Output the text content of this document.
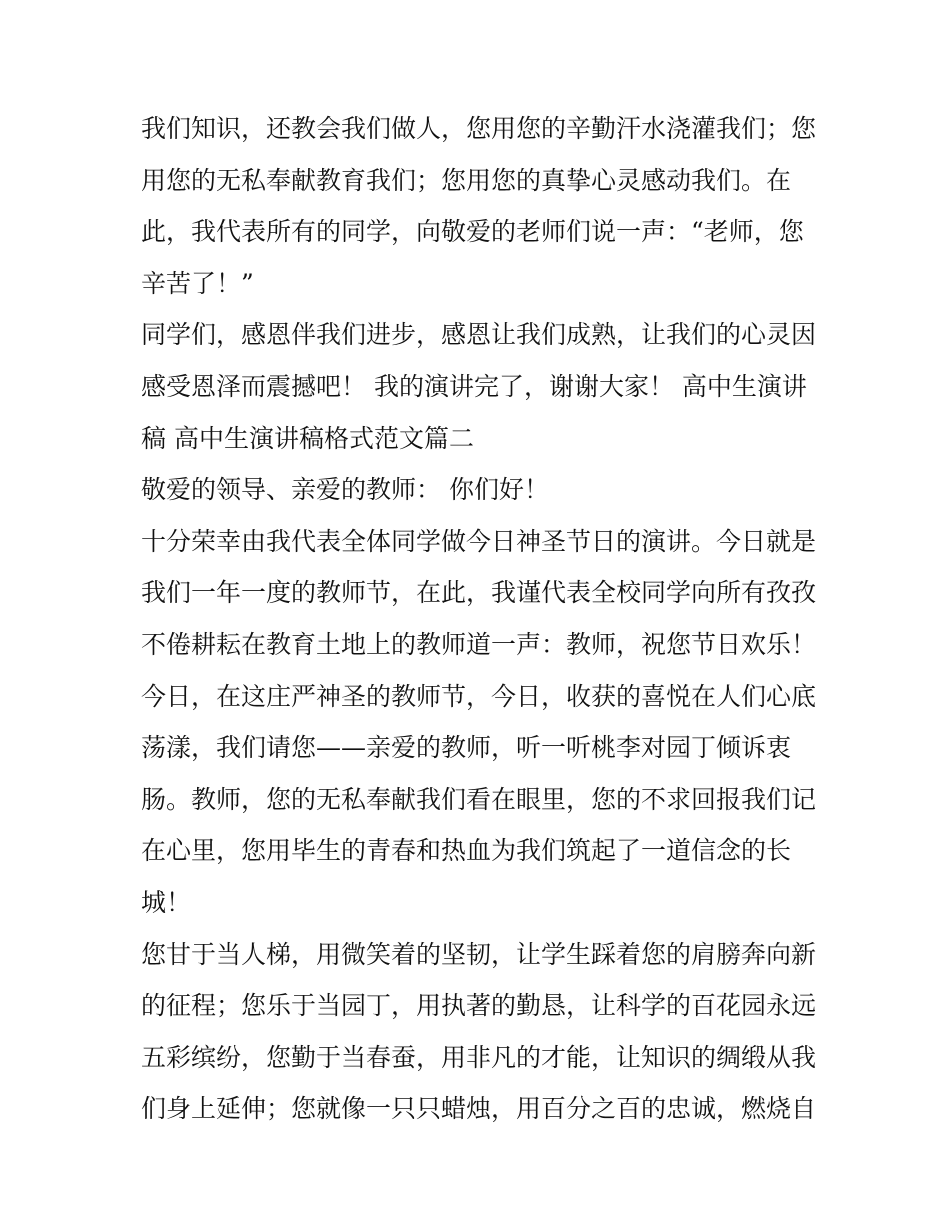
我们知识，还教会我们做人，您用您的辛勤汗水浇灌我们；您
用您的无私奉献教育我们；您用您的真挚心灵感动我们。在
此，我代表所有的同学，向敬爱的老师们说一声：“老师，您
辛苦了！”
同学们，感恩伴我们进步，感恩让我们成熟，让我们的心灵因
感受恩泽而震撼吧！ 我的演讲完了，谢谢大家！ 高中生演讲
稿 高中生演讲稿格式范文篇二
敬爱的领导、亲爱的教师： 你们好！
十分荣幸由我代表全体同学做今日神圣节日的演讲。今日就是
我们一年一度的教师节，在此，我谨代表全校同学向所有孜孜
不倦耕耘在教育土地上的教师道一声：教师，祝您节日欢乐！
今日，在这庄严神圣的教师节，今日，收获的喜悦在人们心底
荡漾，我们请您——亲爱的教师，听一听桃李对园丁倾诉衷
肠。教师，您的无私奉献我们看在眼里，您的不求回报我们记
在心里，您用毕生的青春和热血为我们筑起了一道信念的长
城！
您甘于当人梯，用微笑着的坚韧，让学生踩着您的肩膀奔向新
的征程；您乐于当园丁，用执著的勤恳，让科学的百花园永远
五彩缤纷，您勤于当春蚕，用非凡的才能，让知识的绸缎从我
们身上延伸；您就像一只只蜡烛，用百分之百的忠诚，燃烧自
